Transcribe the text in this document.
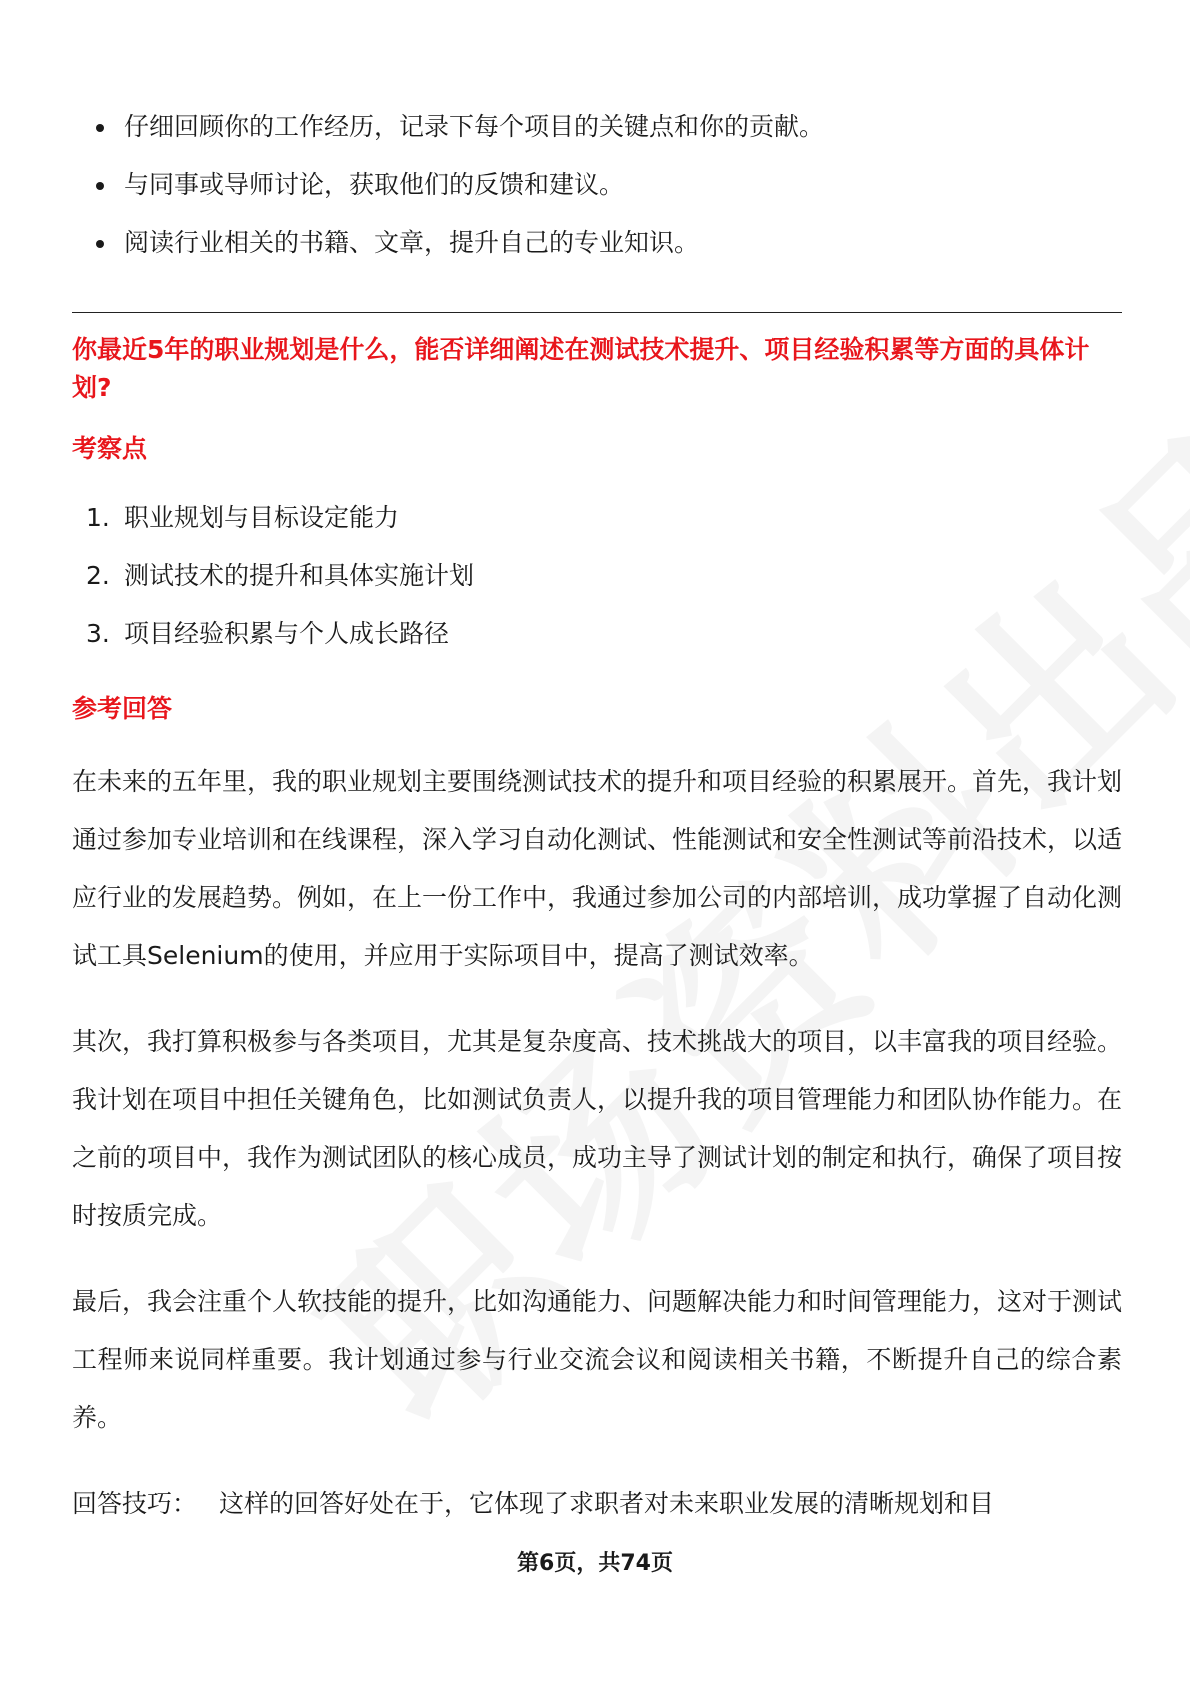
仔细回顾你的工作经历，记录下每个项目的关键点和你的贡献。
与同事或导师讨论，获取他们的反馈和建议。
阅读行业相关的书籍、文章，提升自己的专业知识。
你最近5年的职业规划是什么，能否详细阐述在测试技术提升、项目经验积累等方面的具体计划?
考察点
1. 职业规划与目标设定能力
2. 测试技术的提升和具体实施计划
3. 项目经验积累与个人成长路径
参考回答

在未来的五年里，我的职业规划主要围绕测试技术的提升和项目经验的积累展开。首先，我计划通过参加专业培训和在线课程，深入学习自动化测试、性能测试和安全性测试等前沿技术，以适应行业的发展趋势。例如，在上一份工作中，我通过参加公司的内部培训，成功掌握了自动化测试工具Selenium的使用，并应用于实际项目中，提高了测试效率。

其次，我打算积极参与各类项目，尤其是复杂度高、技术挑战大的项目，以丰富我的项目经验。我计划在项目中担任关键角色，比如测试负责人，以提升我的项目管理能力和团队协作能力。在之前的项目中，我作为测试团队的核心成员，成功主导了测试计划的制定和执行，确保了项目按时按质完成。

最后，我会注重个人软技能的提升，比如沟通能力、问题解决能力和时间管理能力，这对于测试工程师来说同样重要。我计划通过参与行业交流会议和阅读相关书籍，不断提升自己的综合素养。

回答技巧： 这样的回答好处在于，它体现了求职者对未来职业发展的清晰规划和目
第6页，共74页
